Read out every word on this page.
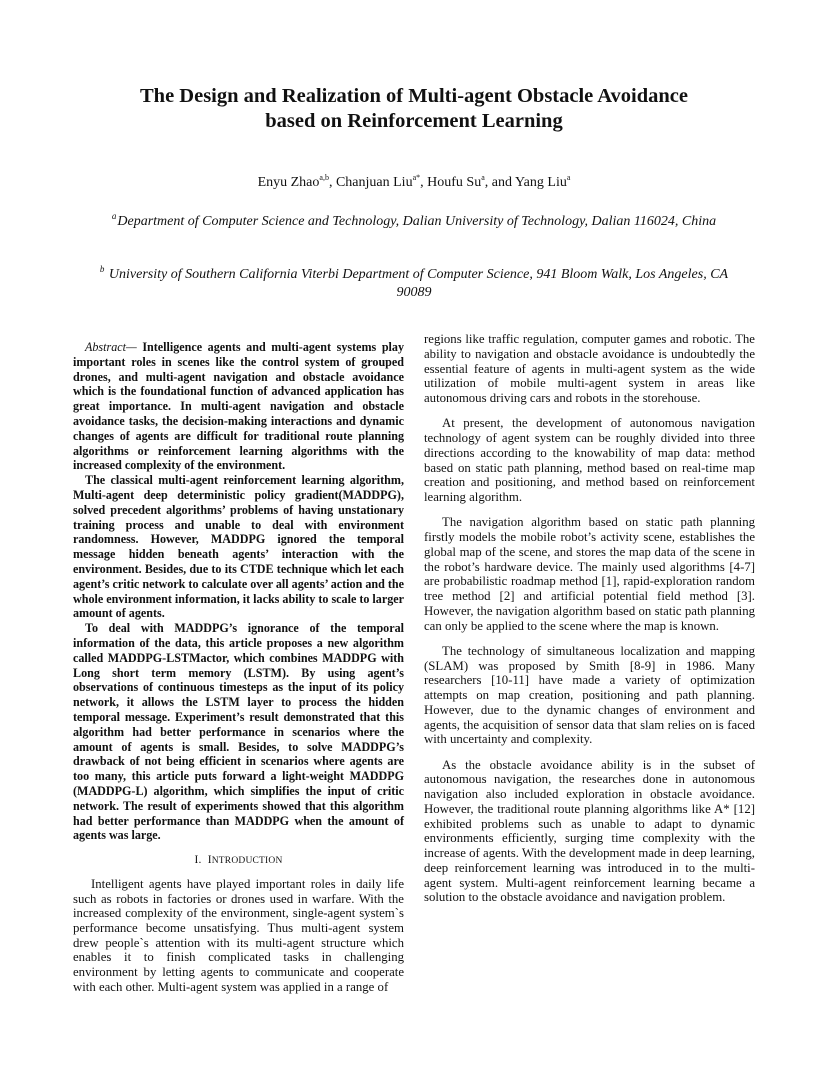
The Design and Realization of Multi-agent Obstacle Avoidance
based on Reinforcement Learning
Enyu Zhao$^{a,b}$, Chanjuan Liu$^{a*}$, Houfu Su$^a$, and Yang Liu$^a$
$^a$Department of Computer Science and Technology, Dalian University of Technology, Dalian 116024, China
$^b$ University of Southern California Viterbi Department of Computer Science, 941 Bloom Walk, Los Angeles, CA 90089

Abstract— Intelligence agents and multi-agent systems play important roles in scenes like the control system of grouped drones, and multi-agent navigation and obstacle avoidance which is the foundational function of advanced application has great importance. In multi-agent navigation and obstacle avoidance tasks, the decision-making interactions and dynamic changes of agents are difficult for traditional route planning algorithms or reinforcement learning algorithms with the increased complexity of the environment.

The classical multi-agent reinforcement learning algorithm, Multi-agent deep deterministic policy gradient(MADDPG), solved precedent algorithms’ problems of having unstationary training process and unable to deal with environment randomness. However, MADDPG ignored the temporal message hidden beneath agents’ interaction with the environment. Besides, due to its CTDE technique which let each agent’s critic network to calculate over all agents’ action and the whole environment information, it lacks ability to scale to larger amount of agents.

To deal with MADDPG’s ignorance of the temporal information of the data, this article proposes a new algorithm called MADDPG-LSTMactor, which combines MADDPG with Long short term memory (LSTM). By using agent’s observations of continuous timesteps as the input of its policy network, it allows the LSTM layer to process the hidden temporal message. Experiment’s result demonstrated that this algorithm had better performance in scenarios where the amount of agents is small. Besides, to solve MADDPG’s drawback of not being efficient in scenarios where agents are too many, this article puts forward a light-weight MADDPG (MADDPG-L) algorithm, which simplifies the input of critic network. The result of experiments showed that this algorithm had better performance than MADDPG when the amount of agents was large.

I. INTRODUCTION

Intelligent agents have played important roles in daily life such as robots in factories or drones used in warfare. With the increased complexity of the environment, single-agent system`s performance become unsatisfying. Thus multi-agent system drew people`s attention with its multi-agent structure which enables it to finish complicated tasks in challenging environment by letting agents to communicate and cooperate with each other. Multi-agent system was applied in a range of

regions like traffic regulation, computer games and robotic. The ability to navigation and obstacle avoidance is undoubtedly the essential feature of agents in multi-agent system as the wide utilization of mobile multi-agent system in areas like autonomous driving cars and robots in the storehouse.

At present, the development of autonomous navigation technology of agent system can be roughly divided into three directions according to the knowability of map data: method based on static path planning, method based on real-time map creation and positioning, and method based on reinforcement learning algorithm.

The navigation algorithm based on static path planning firstly models the mobile robot’s activity scene, establishes the global map of the scene, and stores the map data of the scene in the robot’s hardware device. The mainly used algorithms [4-7] are probabilistic roadmap method [1], rapid-exploration random tree method [2] and artificial potential field method [3]. However, the navigation algorithm based on static path planning can only be applied to the scene where the map is known.

The technology of simultaneous localization and mapping (SLAM) was proposed by Smith [8-9] in 1986. Many researchers [10-11] have made a variety of optimization attempts on map creation, positioning and path planning. However, due to the dynamic changes of environment and agents, the acquisition of sensor data that slam relies on is faced with uncertainty and complexity.

As the obstacle avoidance ability is in the subset of autonomous navigation, the researches done in autonomous navigation also included exploration in obstacle avoidance. However, the traditional route planning algorithms like A* [12] exhibited problems such as unable to adapt to dynamic environments efficiently, surging time complexity with the increase of agents. With the development made in deep learning, deep reinforcement learning was introduced in to the multi-agent system. Multi-agent reinforcement learning became a solution to the obstacle avoidance and navigation problem.
